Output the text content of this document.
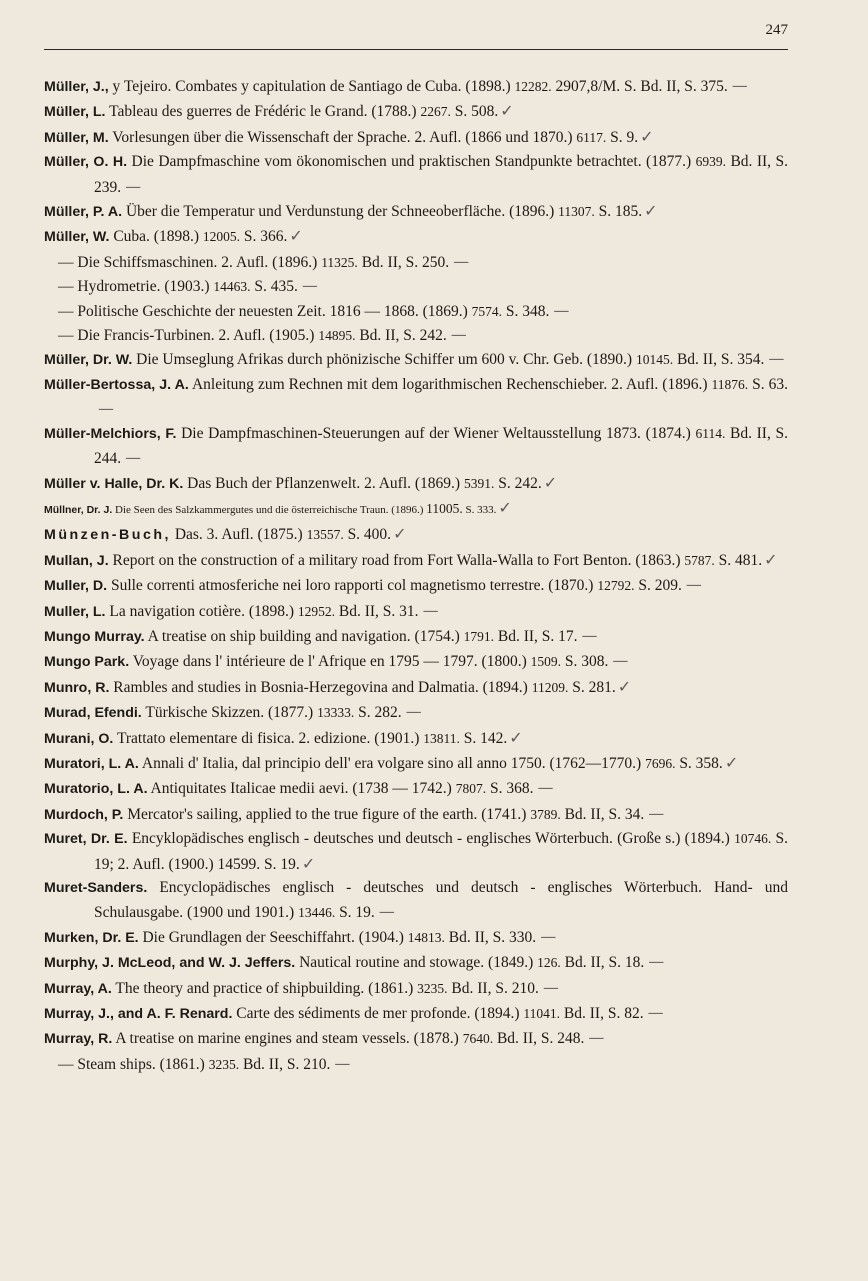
247
Müller, J., y Tejeiro. Combates y capitulation de Santiago de Cuba. (1898.) 12282. 2907,8/M. S. Bd. II, S. 375. —
Müller, L. Tableau des guerres de Frédéric le Grand. (1788.) 2267. S. 508. ✓
Müller, M. Vorlesungen über die Wissenschaft der Sprache. 2. Aufl. (1866 und 1870.) 6117. S. 9. ✓
Müller, O. H. Die Dampfmaschine vom ökonomischen und praktischen Standpunkte betrachtet. (1877.) 6939. Bd. II, S. 239. —
Müller, P. A. Über die Temperatur und Verdunstung der Schneeoberfläche. (1896.) 11307. S. 185. ✓
Müller, W. Cuba. (1898.) 12005. S. 366. ✓
— Die Schiffsmaschinen. 2. Aufl. (1896.) 11325. Bd. II, S. 250. —
— Hydrometrie. (1903.) 14463. S. 435. —
— Politische Geschichte der neuesten Zeit. 1816 — 1868. (1869.) 7574. S. 348. —
— Die Francis-Turbinen. 2. Aufl. (1905.) 14895. Bd. II, S. 242. —
Müller, Dr. W. Die Umseglung Afrikas durch phönizische Schiffer um 600 v. Chr. Geb. (1890.) 10145. Bd. II, S. 354. —
Müller-Bertossa, J. A. Anleitung zum Rechnen mit dem logarithmischen Rechenschieber. 2. Aufl. (1896.) 11876. S. 63.—
Müller-Melchiors, F. Die Dampfmaschinen-Steuerungen auf der Wiener Weltausstellung 1873. (1874.) 6114. Bd. II, S. 244. —
Müller v. Halle, Dr. K. Das Buch der Pflanzenwelt. 2. Aufl. (1869.) 5391. S. 242. ✓
Müllner, Dr. J. Die Seen des Salzkammergutes und die österreichische Traun. (1896.) 11005. S. 333. ✓
Münzen-Buch, Das. 3. Aufl. (1875.) 13557. S. 400. ✓
Mullan, J. Report on the construction of a military road from Fort Walla-Walla to Fort Benton. (1863.) 5787. S. 481. ✓
Muller, D. Sulle correnti atmosferiche nei loro rapporti col magnetismo terrestre. (1870.) 12792. S. 209. —
Muller, L. La navigation cotière. (1898.) 12952. Bd. II, S. 31. —
Mungo Murray. A treatise on ship building and navigation. (1754.) 1791. Bd. II, S. 17. —
Mungo Park. Voyage dans l' intérieure de l' Afrique en 1795 — 1797. (1800.) 1509. S. 308. —
Munro, R. Rambles and studies in Bosnia-Herzegovina and Dalmatia. (1894.) 11209. S. 281. ✓
Murad, Efendi. Türkische Skizzen. (1877.) 13333. S. 282. —
Murani, O. Trattato elementare di fisica. 2. edizione. (1901.) 13811. S. 142. ✓
Muratori, L. A. Annali d' Italia, dal principio dell' era volgare sino all anno 1750. (1762—1770.) 7696. S. 358. ✓
Muratorio, L. A. Antiquitates Italicae medii aevi. (1738 — 1742.) 7807. S. 368. —
Murdoch, P. Mercator's sailing, applied to the true figure of the earth. (1741.) 3789. Bd. II, S. 34. —
Muret, Dr. E. Encyklopädisches englisch - deutsches und deutsch - englisches Wörterbuch. (Große s.) (1894.) 10746. S. 19; 2. Aufl. (1900.) 14599. S. 19. ✓
Muret-Sanders. Encyclopädisches englisch - deutsches und deutsch - englisches Wörterbuch. Hand- und Schulausgabe. (1900 und 1901.) 13446. S. 19. —
Murken, Dr. E. Die Grundlagen der Seeschiffahrt. (1904.) 14813. Bd. II, S. 330. —
Murphy, J. McLeod, and W. J. Jeffers. Nautical routine and stowage. (1849.) 126. Bd. II, S. 18. —
Murray, A. The theory and practice of shipbuilding. (1861.) 3235. Bd. II, S. 210. —
Murray, J., and A. F. Renard. Carte des sédiments de mer profonde. (1894.) 11041. Bd. II, S. 82. —
Murray, R. A treatise on marine engines and steam vessels. (1878.) 7640. Bd. II, S. 248. —
— Steam ships. (1861.) 3235. Bd. II, S. 210. —
